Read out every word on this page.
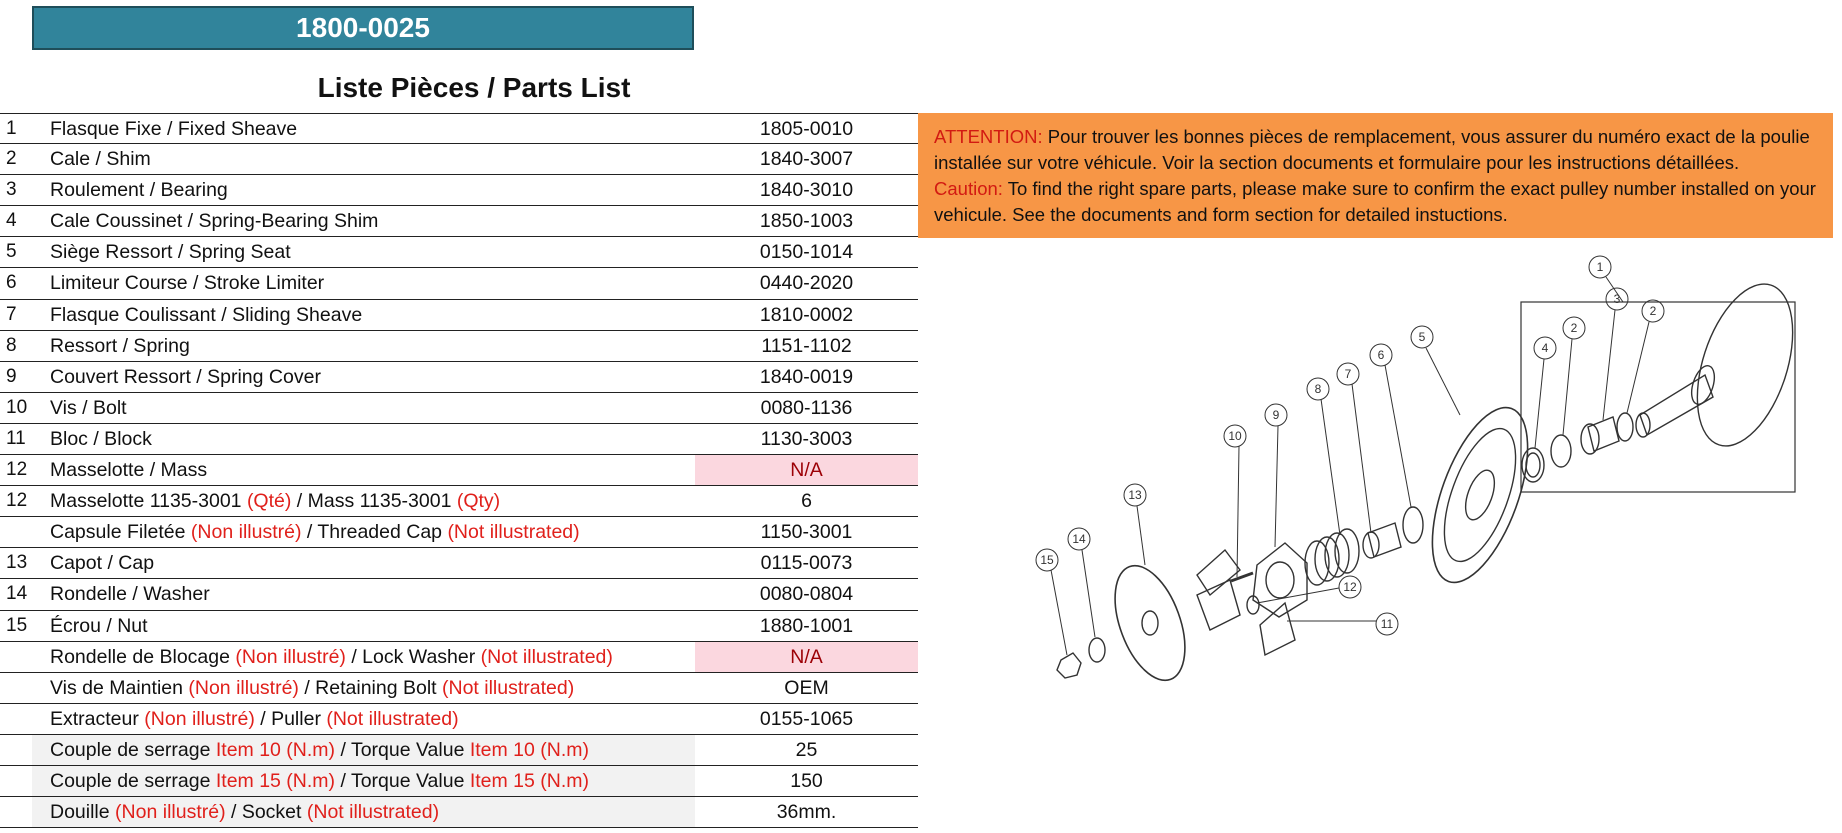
1800-0025
Liste Pièces / Parts List
1	Flasque Fixe / Fixed Sheave	1805-0010
2	Cale / Shim	1840-3007
3	Roulement / Bearing	1840-3010
4	Cale Coussinet / Spring-Bearing Shim	1850-1003
5	Siège Ressort / Spring Seat	0150-1014
6	Limiteur Course / Stroke Limiter	0440-2020
7	Flasque Coulissant / Sliding Sheave	1810-0002
8	Ressort / Spring	1151-1102
9	Couvert Ressort / Spring Cover	1840-0019
10	Vis / Bolt	0080-1136
11	Bloc / Block	1130-3003
12	Masselotte / Mass	N/A
12	Masselotte 1135-3001 (Qté) / Mass 1135-3001 (Qty)	6
Capsule Filetée (Non illustré) / Threaded Cap (Not illustrated)	1150-3001
13	Capot / Cap	0115-0073
14	Rondelle / Washer	0080-0804
15	Écrou / Nut	1880-1001
Rondelle de Blocage (Non illustré) / Lock Washer (Not illustrated)	N/A
Vis de Maintien (Non illustré) / Retaining Bolt (Not illustrated)	OEM
Extracteur (Non illustré) / Puller (Not illustrated)	0155-1065
Couple de serrage Item 10 (N.m) / Torque Value Item 10 (N.m)	25
Couple de serrage Item 15 (N.m) / Torque Value Item 15 (N.m)	150
Douille (Non illustré) / Socket (Not illustrated)	36mm.
ATTENTION: Pour trouver les bonnes pièces de remplacement, vous assurer du numéro exact de la poulie installée sur votre véhicule. Voir la section documents et formulaire pour les instructions détaillées.
Caution: To find the right spare parts, please make sure to confirm the exact pulley number installed on your vehicule. See the documents and form section for detailed instuctions.
1
2
3
2
4
5
6
7
8
9
10
11
12
13
14
15
